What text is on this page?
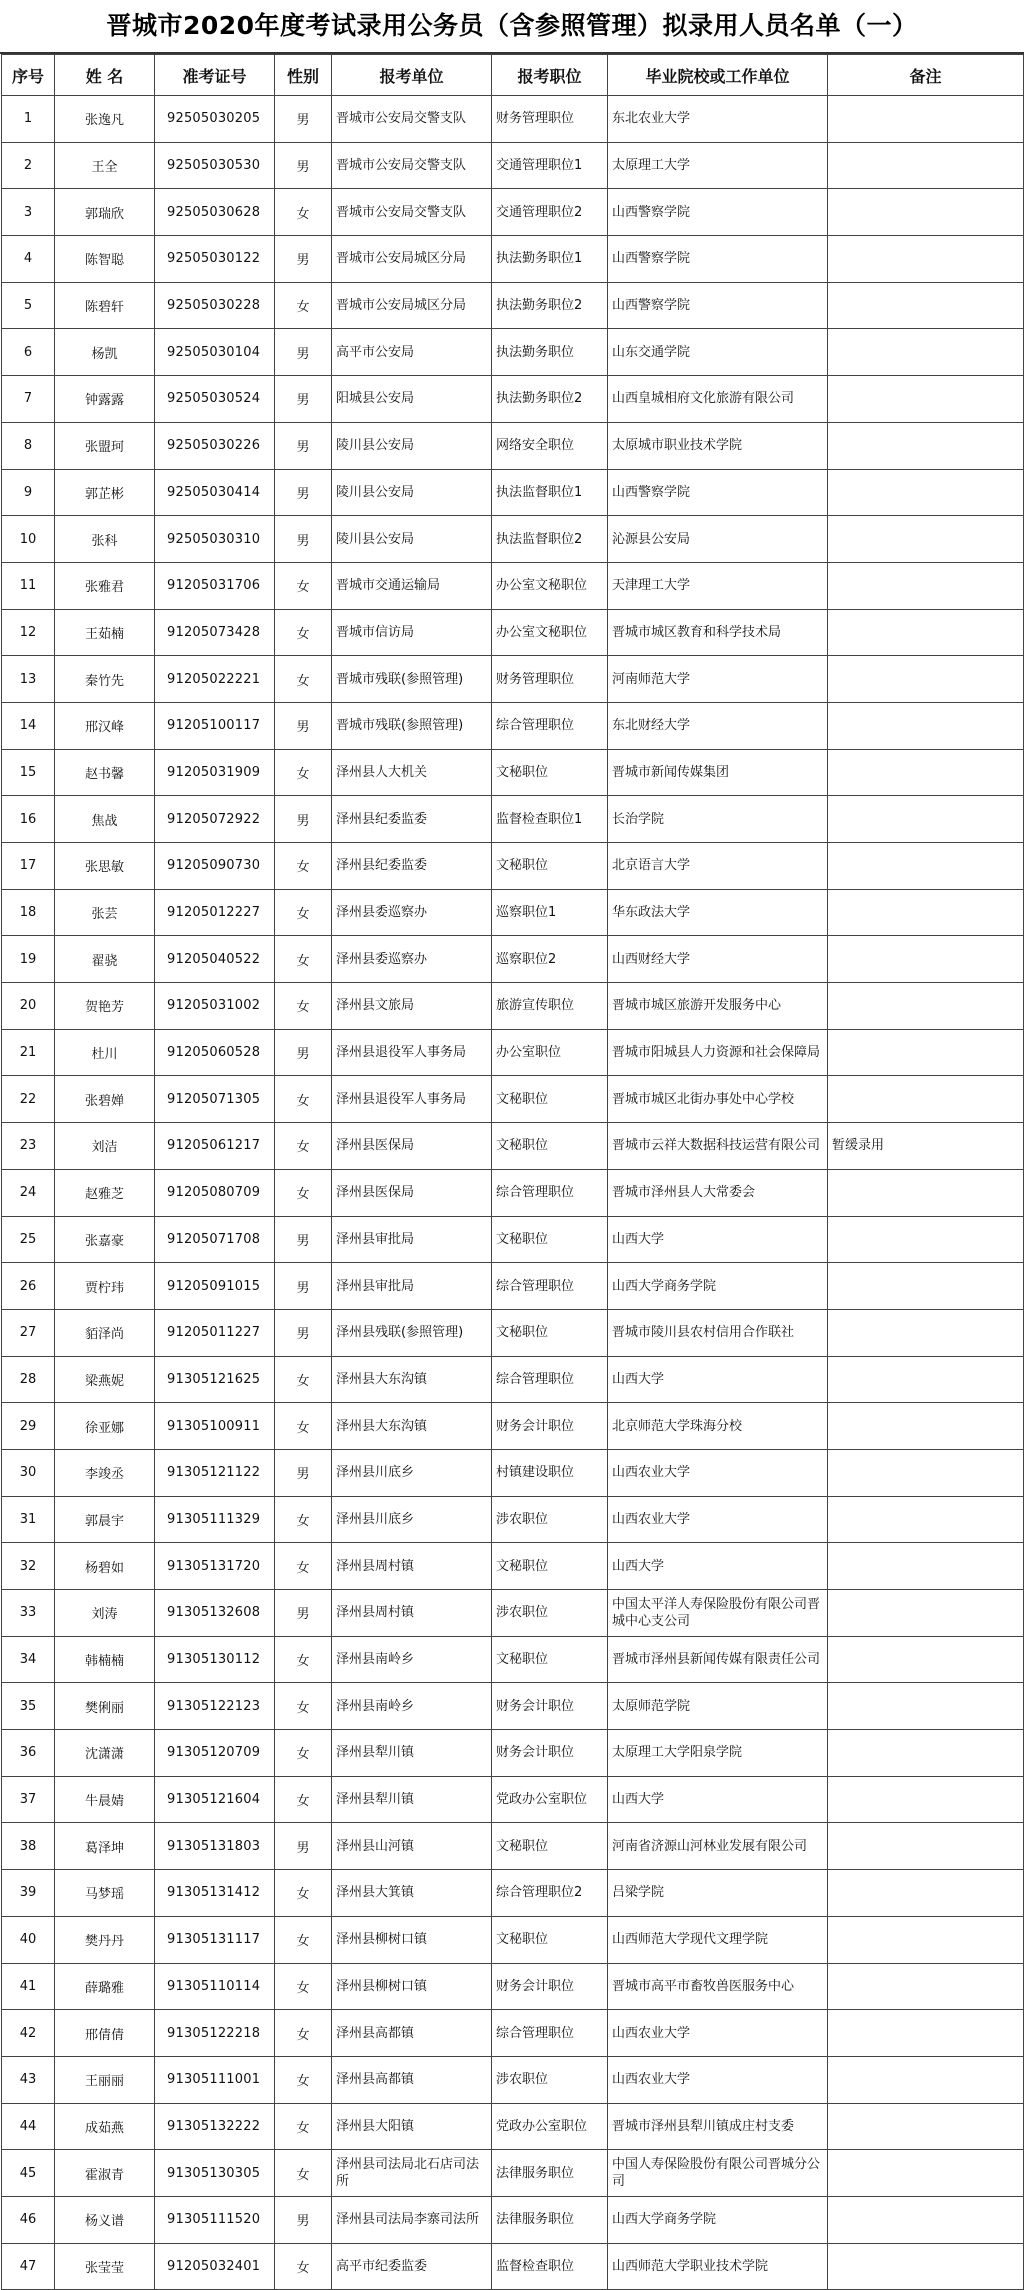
晋城市2020年度考试录用公务员（含参照管理）拟录用人员名单（一）
序号	姓 名	准考证号	性别	报考单位	报考职位	毕业院校或工作单位	备注
1	张逸凡	92505030205	男	晋城市公安局交警支队	财务管理职位	东北农业大学	
2	王全	92505030530	男	晋城市公安局交警支队	交通管理职位1	太原理工大学	
3	郭瑞欣	92505030628	女	晋城市公安局交警支队	交通管理职位2	山西警察学院	
4	陈智聪	92505030122	男	晋城市公安局城区分局	执法勤务职位1	山西警察学院	
5	陈碧轩	92505030228	女	晋城市公安局城区分局	执法勤务职位2	山西警察学院	
6	杨凯	92505030104	男	高平市公安局	执法勤务职位	山东交通学院	
7	钟露露	92505030524	男	阳城县公安局	执法勤务职位2	山西皇城相府文化旅游有限公司	
8	张盟珂	92505030226	男	陵川县公安局	网络安全职位	太原城市职业技术学院	
9	郭芷彬	92505030414	男	陵川县公安局	执法监督职位1	山西警察学院	
10	张科	92505030310	男	陵川县公安局	执法监督职位2	沁源县公安局	
11	张雅君	91205031706	女	晋城市交通运输局	办公室文秘职位	天津理工大学	
12	王茹楠	91205073428	女	晋城市信访局	办公室文秘职位	晋城市城区教育和科学技术局	
13	秦竹先	91205022221	女	晋城市残联(参照管理)	财务管理职位	河南师范大学	
14	邢汉峰	91205100117	男	晋城市残联(参照管理)	综合管理职位	东北财经大学	
15	赵书馨	91205031909	女	泽州县人大机关	文秘职位	晋城市新闻传媒集团	
16	焦战	91205072922	男	泽州县纪委监委	监督检查职位1	长治学院	
17	张思敏	91205090730	女	泽州县纪委监委	文秘职位	北京语言大学	
18	张芸	91205012227	女	泽州县委巡察办	巡察职位1	华东政法大学	
19	翟骁	91205040522	女	泽州县委巡察办	巡察职位2	山西财经大学	
20	贺艳芳	91205031002	女	泽州县文旅局	旅游宣传职位	晋城市城区旅游开发服务中心	
21	杜川	91205060528	男	泽州县退役军人事务局	办公室职位	晋城市阳城县人力资源和社会保障局	
22	张碧婵	91205071305	女	泽州县退役军人事务局	文秘职位	晋城市城区北街办事处中心学校	
23	刘洁	91205061217	女	泽州县医保局	文秘职位	晋城市云祥大数据科技运营有限公司	暂缓录用
24	赵雅芝	91205080709	女	泽州县医保局	综合管理职位	晋城市泽州县人大常委会	
25	张嘉豪	91205071708	男	泽州县审批局	文秘职位	山西大学	
26	贾柠玮	91205091015	男	泽州县审批局	综合管理职位	山西大学商务学院	
27	貊泽尚	91205011227	男	泽州县残联(参照管理)	文秘职位	晋城市陵川县农村信用合作联社	
28	梁燕妮	91305121625	女	泽州县大东沟镇	综合管理职位	山西大学	
29	徐亚娜	91305100911	女	泽州县大东沟镇	财务会计职位	北京师范大学珠海分校	
30	李竣丞	91305121122	男	泽州县川底乡	村镇建设职位	山西农业大学	
31	郭晨宇	91305111329	女	泽州县川底乡	涉农职位	山西农业大学	
32	杨碧如	91305131720	女	泽州县周村镇	文秘职位	山西大学	
33	刘涛	91305132608	男	泽州县周村镇	涉农职位	中国太平洋人寿保险股份有限公司晋城中心支公司	
34	韩楠楠	91305130112	女	泽州县南岭乡	文秘职位	晋城市泽州县新闻传媒有限责任公司	
35	樊俐丽	91305122123	女	泽州县南岭乡	财务会计职位	太原师范学院	
36	沈潇潇	91305120709	女	泽州县犁川镇	财务会计职位	太原理工大学阳泉学院	
37	牛晨婧	91305121604	女	泽州县犁川镇	党政办公室职位	山西大学	
38	葛泽坤	91305131803	男	泽州县山河镇	文秘职位	河南省济源山河林业发展有限公司	
39	马梦瑶	91305131412	女	泽州县大箕镇	综合管理职位2	吕梁学院	
40	樊丹丹	91305131117	女	泽州县柳树口镇	文秘职位	山西师范大学现代文理学院	
41	薛璐雅	91305110114	女	泽州县柳树口镇	财务会计职位	晋城市高平市畜牧兽医服务中心	
42	邢倩倩	91305122218	女	泽州县高都镇	综合管理职位	山西农业大学	
43	王丽丽	91305111001	女	泽州县高都镇	涉农职位	山西农业大学	
44	成茹燕	91305132222	女	泽州县大阳镇	党政办公室职位	晋城市泽州县犁川镇成庄村支委	
45	霍淑青	91305130305	女	泽州县司法局北石店司法所	法律服务职位	中国人寿保险股份有限公司晋城分公司	
46	杨义谱	91305111520	男	泽州县司法局李寨司法所	法律服务职位	山西大学商务学院	
47	张莹莹	91205032401	女	高平市纪委监委	监督检查职位	山西师范大学职业技术学院	
